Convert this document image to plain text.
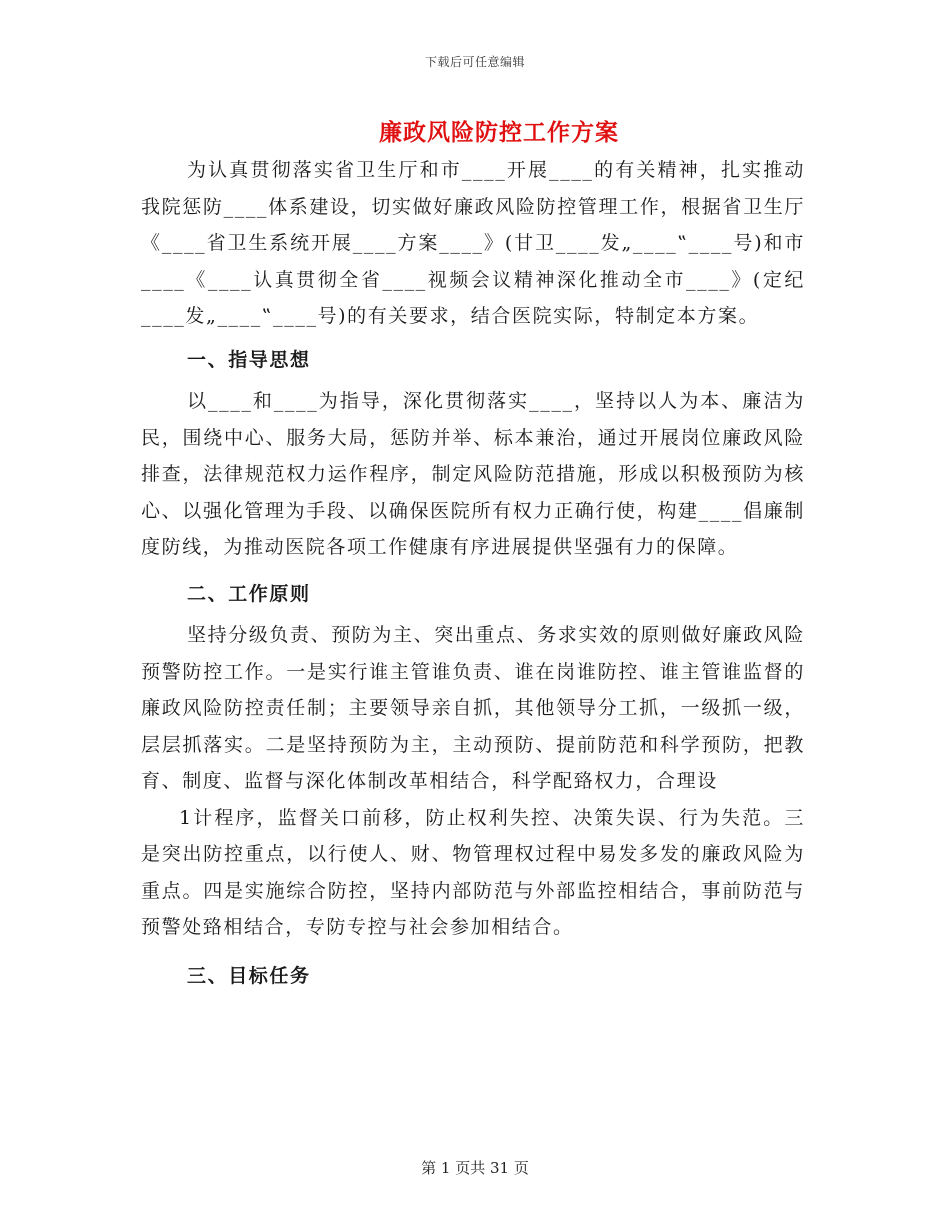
下载后可任意编辑
廉政风险防控工作方案

为认真贯彻落实省卫生厅和市____开展____的有关精神，扎实推动我院惩防____体系建设，切实做好廉政风险防控管理工作，根据省卫生厅《____省卫生系统开展____方案____》(甘卫____发„____‟____号)和市____《____认真贯彻全省____视频会议精神深化推动全市____》(定纪____发„____‟____号)的有关要求，结合医院实际，特制定本方案。

一、指导思想

以____和____为指导，深化贯彻落实____，坚持以人为本、廉洁为民，围绕中心、服务大局，惩防并举、标本兼治，通过开展岗位廉政风险排查，法律规范权力运作程序，制定风险防范措施，形成以积极预防为核心、以强化管理为手段、以确保医院所有权力正确行使，构建____倡廉制度防线，为推动医院各项工作健康有序进展提供坚强有力的保障。

二、工作原则

坚持分级负责、预防为主、突出重点、务求实效的原则做好廉政风险预警防控工作。一是实行谁主管谁负责、谁在岗谁防控、谁主管谁监督的廉政风险防控责任制；主要领导亲自抓，其他领导分工抓，一级抓一级，层层抓落实。二是坚持预防为主，主动预防、提前防范和科学预防，把教育、制度、监督与深化体制改革相结合，科学配臵权力，合理设

1计程序，监督关口前移，防止权利失控、决策失误、行为失范。三是突出防控重点，以行使人、财、物管理权过程中易发多发的廉政风险为重点。四是实施综合防控，坚持内部防范与外部监控相结合，事前防范与预警处臵相结合，专防专控与社会参加相结合。

三、目标任务
第 1 页共 31 页
